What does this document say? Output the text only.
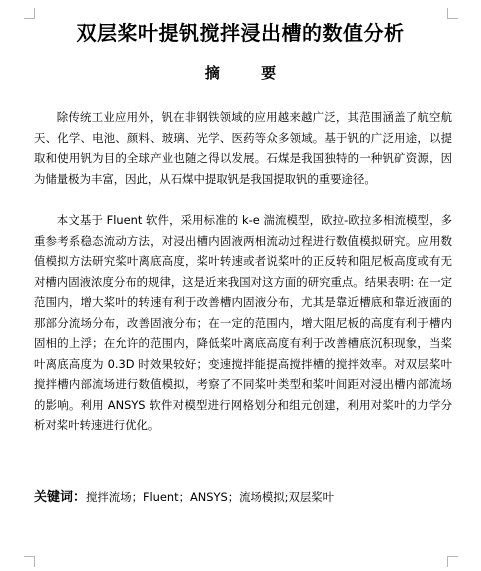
双层桨叶提钒搅拌浸出槽的数值分析
摘 要

除传统工业应用外，钒在非钢铁领域的应用越来越广泛，其范围涵盖了航空航天、化学、电池、颜料、玻璃、光学、医药等众多领域。基于钒的广泛用途，以提取和使用钒为目的全球产业也随之得以发展。石煤是我国独特的一种钒矿资源，因为储量极为丰富，因此，从石煤中提取钒是我国提取钒的重要途径。

本文基于 Fluent 软件，采用标准的 k-e 湍流模型，欧拉-欧拉多相流模型，多重参考系稳态流动方法，对浸出槽内固液两相流动过程进行数值模拟研究。应用数值模拟方法研究桨叶离底高度，桨叶转速或者说桨叶的正反转和阻尼板高度或有无对槽内固液浓度分布的规律，这是近来我国对这方面的研究重点。结果表明: 在一定范围内，增大桨叶的转速有利于改善槽内固液分布，尤其是靠近槽底和靠近液面的那部分流场分布，改善固液分布；在一定的范围内，增大阻尼板的高度有利于槽内固相的上浮；在允许的范围内，降低桨叶离底高度有利于改善槽底沉积现象，当桨叶离底高度为 0.3D 时效果较好；变速搅拌能提高搅拌槽的搅拌效率。对双层桨叶搅拌槽内部流场进行数值模拟，考察了不同桨叶类型和桨叶间距对浸出槽内部流场的影响。利用 ANSYS 软件对模型进行网格划分和组元创建，利用对桨叶的力学分析对桨叶转速进行优化。

关键词：搅拌流场；Fluent；ANSYS；流场模拟;双层桨叶
